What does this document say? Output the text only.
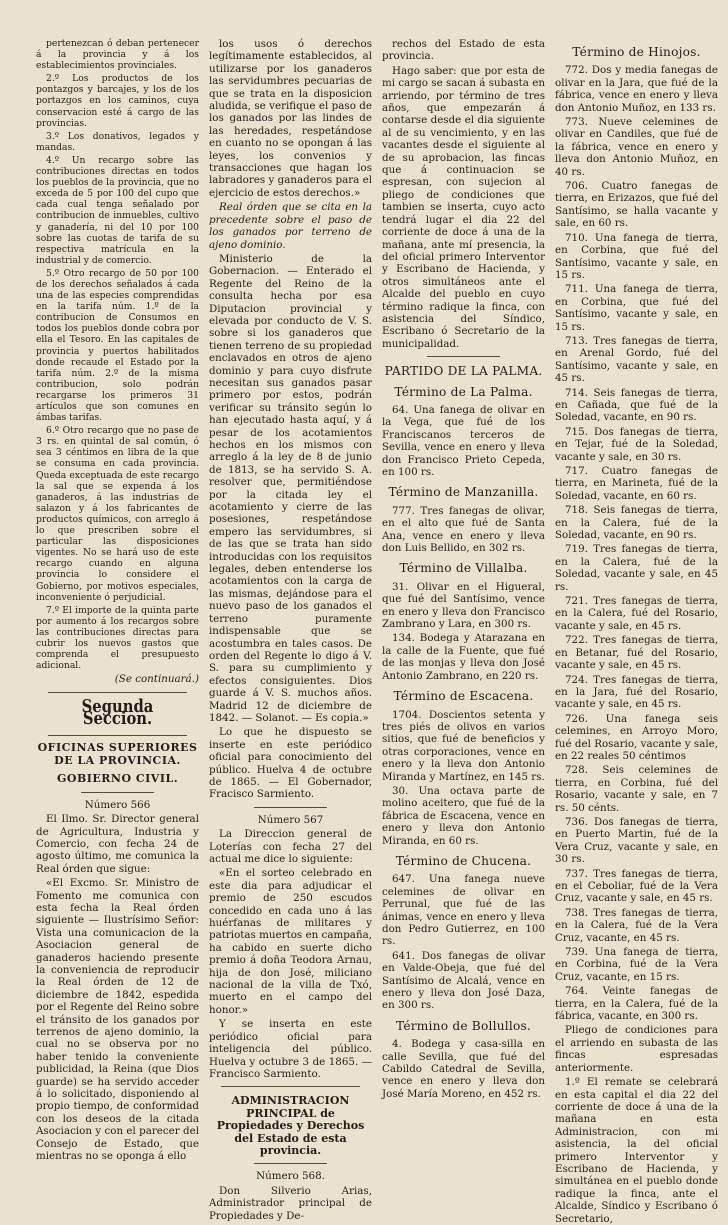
pertenezcan ó deban pertenecer á la provincia y á los establecimientos provinciales.

2.º Los productos de los pontazgos y barcajes, y los de los portazgos en los caminos, cuya conservacion esté á cargo de las provincias.

3.º Los donativos, legados y mandas.

4.º Un recargo sobre las contribuciones directas en todos los pueblos de la provincia, que no exceda de 5 por 100 del cupo que cada cual tenga señalado por contribucion de inmuebles, cultivo y ganadería, ni del 10 por 100 sobre las cuotas de tarifa de su respectiva matrícula en la industrial y de comercio.

5.º Otro recargo de 50 por 100 de los derechos señalados á cada una de las especies comprendidas en la tarifa núm. 1.º de la contribucion de Consumos en todos los pueblos donde cobra por ella el Tesoro. En las capitales de provincia y puertos habilitados donde recaude el Estado por la tarifa núm. 2.º de la misma contribucion, solo podrán recargarse los primeros 31 artículos que son comunes en ámbas tarifas.

6.º Otro recargo que no pase de 3 rs. en quintal de sal común, ó sea 3 céntimos en libra de la que se consuma en cada provincia. Queda exceptuada de este recargo la sal que se expenda á los ganaderos, á las industrias de salazon y á los fabricantes de productos químicos, con arreglo á lo que prescriben sobre el particular las disposiciones vigentes. No se hará uso de este recargo cuando en alguna provincia lo considere el Gobierno, por motivos especiales, inconveniente ó perjudicial.

7.º El importe de la quinta parte por aumento á los recargos sobre las contribuciones directas para cubrir los nuevos gastos que comprenda el presupuesto adicional.

(Se continuará.)

Segunda Seccion.
OFICINAS SUPERIORES DE LA PROVINCIA.
GOBIERNO CIVIL.

Número 566

El Ilmo. Sr. Director general de Agricultura, Industria y Comercio, con fecha 24 de agosto último, me comunica la Real órden que sigue:

«El Excmo. Sr. Ministro de Fomento me comunica con esta fecha la Real órden siguiente — Ilustrísimo Señor: Vista una comunicacion de la Asociacion general de ganaderos haciendo presente la conveniencia de reproducir la Real órden de 12 de diciembre de 1842, espedida por el Regente del Reino sobre el tránsito de los ganados por terrenos de ajeno dominio, la cual no se observa por no haber tenido la conveniente publicidad, la Reina (que Dios guarde) se ha servido acceder á lo solicitado, disponiendo al propio tiempo, de conformidad con los deseos de la citada Asociacion y con el parecer del Consejo de Estado, que mientras no se oponga á ello

los usos ó derechos legítimamente establecidos, al utilizarse por los ganaderos las servidumbres pecuarias de que se trata en la disposicion aludida, se verifique el paso de los ganados por las lindes de las heredades, respetándose en cuanto no se opongan á las leyes, los convenios y transacciones que hagan los labradores y ganaderos para el ejercicio de estos derechos.»

Real órden que se cita en la precedente sobre el paso de los ganados por terreno de ajeno dominio.

Ministerio de la Gobernacion. — Enterado el Regente del Reino de la consulta hecha por esa Diputacion provincial y elevada por conducto de V. S. sobre si los ganaderos que tienen terreno de su propiedad enclavados en otros de ajeno dominio y para cuyo disfrute necesitan sus ganados pasar primero por estos, podrán verificar su tránsito según lo han ejecutado hasta aquí, y á pesar de los acotamientos hechos en los mismos con arreglo á la ley de 8 de junio de 1813, se ha servido S. A. resolver que, permitiéndose por la citada ley el acotamiento y cierre de las posesiones, respetándose empero las servidumbres, si de las que se trata han sido introducidas con los requisitos legales, deben entenderse los acotamientos con la carga de las mismas, dejándose para el nuevo paso de los ganados el terreno puramente indispensable que se acostumbra en tales casos. De orden del Regente lo digo á V. S. para su cumplimiento y efectos consiguientes. Dios guarde á V. S. muchos años. Madrid 12 de diciembre de 1842. — Solanot. — Es copia.»

Lo que he dispuesto se inserte en este periódico oficial para conocimiento del público. Huelva 4 de octubre de 1865. — El Gobernador, Fracisco Sarmiento.

Número 567

La Direccion general de Loterías con fecha 27 del actual me dice lo siguiente:

«En el sorteo celebrado en este dia para adjudicar el premio de 250 escudos concedido en cada uno á las huérfanas de militares y patriotas muertos en campaña, ha cabido en suerte dicho premio á doña Teodora Arnau, hija de don José, miliciano nacional de la villa de Txó, muerto en el campo del honor.»

Y se inserta en este periódico oficial para inteligencia del público. Huelva y octubre 3 de 1865. — Francisco Sarmiento.

ADMINISTRACION PRINCIPAL de Propiedades y Derechos del Estado de esta provincia.

Número 568.

Don Silverio Arias, Administrador principal de Propiedades y De-

rechos del Estado de esta provincia.

Hago saber: que por esta de mi cargo se sacan á subasta en arriendo, por término de tres años, que empezarán á contarse desde el dia siguiente al de su vencimiento, y en las vacantes desde el siguiente al de su aprobacion, las fincas que á continuacion se espresan, con sujecion al pliego de condiciones que tambien se inserta, cuyo acto tendrá lugar el dia 22 del corriente de doce á una de la mañana, ante mí presencia, la del oficial primero Interventor y Escribano de Hacienda, y otros simultáneos ante el Alcalde del pueblo en cuyo término radique la finca, con asistencia del Síndico, Escribano ó Secretario de la municipalidad.

PARTIDO DE LA PALMA.
Término de La Palma.

64. Una fanega de olivar en la Vega, que fué de los Franciscanos terceros de Sevilla, vence en enero y lleva don Francisco Prieto Cepeda, en 100 rs.

Término de Manzanilla.

777. Tres fanegas de olivar, en el alto que fué de Santa Ana, vence en enero y lleva don Luis Bellido, en 302 rs.

Término de Villalba.

31. Olivar en el Higueral, que fué del Santísimo, vence en enero y lleva don Francisco Zambrano y Lara, en 300 rs.

134. Bodega y Atarazana en la calle de la Fuente, que fué de las monjas y lleva don José Antonio Zambrano, en 220 rs.

Término de Escacena.

1704. Doscientos setenta y tres piés de olivos en varios sitios, que fué de beneficios y otras corporaciones, vence en enero y la lleva don Antonio Miranda y Martínez, en 145 rs.

30. Una octava parte de molino aceitero, que fué de la fábrica de Escacena, vence en enero y lleva don Antonio Miranda, en 60 rs.

Término de Chucena.

647. Una fanega nueve celemines de olivar en Perrunal, que fué de las ánimas, vence en enero y lleva don Pedro Gutierrez, en 100 rs.

641. Dos fanegas de olivar en Valde-Obeja, que fué del Santísimo de Alcalá, vence en enero y lleva don José Daza, en 300 rs.

Término de Bollullos.

4. Bodega y casa-silla en calle Sevilla, que fué del Cabildo Catedral de Sevilla, vence en enero y lleva don José María Moreno, en 452 rs.

Término de Hinojos.

772. Dos y media fanegas de olivar en la Jara, que fué de la fábrica, vence en enero y lleva don Antonio Muñoz, en 133 rs.

773. Nueve celemines de olivar en Candiles, que fué de la fábrica, vence en enero y lleva don Antonio Muñoz, en 40 rs.

706. Cuatro fanegas de tierra, en Erizazos, que fué del Santísimo, se halla vacante y sale, en 60 rs.

710. Una fanega de tierra, en Corbina, que fué del Santísimo, vacante y sale, en 15 rs.

711. Una fanega de tierra, en Corbina, que fué del Santísimo, vacante y sale, en 15 rs.

713. Tres fanegas de tierra, en Arenal Gordo, fué del Santísimo, vacante y sale, en 45 rs.

714. Seis fanegas de tierra, en Cañada, que fué de la Soledad, vacante, en 90 rs.

715. Dos fanegas de tierra, en Tejar, fué de la Soledad, vacante y sale, en 30 rs.

717. Cuatro fanegas de tierra, en Marineta, fué de la Soledad, vacante, en 60 rs.

718. Seis fanegas de tierra, en la Calera, fué de la Soledad, vacante, en 90 rs.

719. Tres fanegas de tierra, en la Calera, fué de la Soledad, vacante y sale, en 45 rs.

721. Tres fanegas de tierra, en la Calera, fué del Rosario, vacante y sale, en 45 rs.

722. Tres fanegas de tierra, en Betanar, fué del Rosario, vacante y sale, en 45 rs.

724. Tres fanegas de tierra, en la Jara, fué del Rosario, vacante y sale, en 45 rs.

726. Una fanega seis celemines, en Arroyo Moro, fué del Rosario, vacante y sale, en 22 reales 50 céntimos

728. Seis celemines de tierra, en Corbina, fué del Rosario, vacante y sale, en 7 rs. 50 cénts.

736. Dos fanegas de tierra, en Puerto Martin, fué de la Vera Cruz, vacante y sale, en 30 rs.

737. Tres fanegas de tierra, en el Ceboliar, fué de la Vera Cruz, vacante y sale, en 45 rs.

738. Tres fanegas de tierra, en la Calera, fué de la Vera Cruz, vacante, en 45 rs.

739. Una fanega de tierra, en Corbina, fué de la Vera Cruz, vacante, en 15 rs.

764. Veinte fanegas de tierra, en la Calera, fué de la fábrica, vacante, en 300 rs.

Pliego de condiciones para el arriendo en subasta de las fincas espresadas anteriormente.

1.º El remate se celebrará en esta capital el dia 22 del corriente de doce á una de la mañana en esta Administracion, con mi asistencia, la del oficial primero Interventor y Escribano de Hacienda, y simultánea en el pueblo donde radique la finca, ante el Alcalde, Síndico y Escribano ó Secretario,
